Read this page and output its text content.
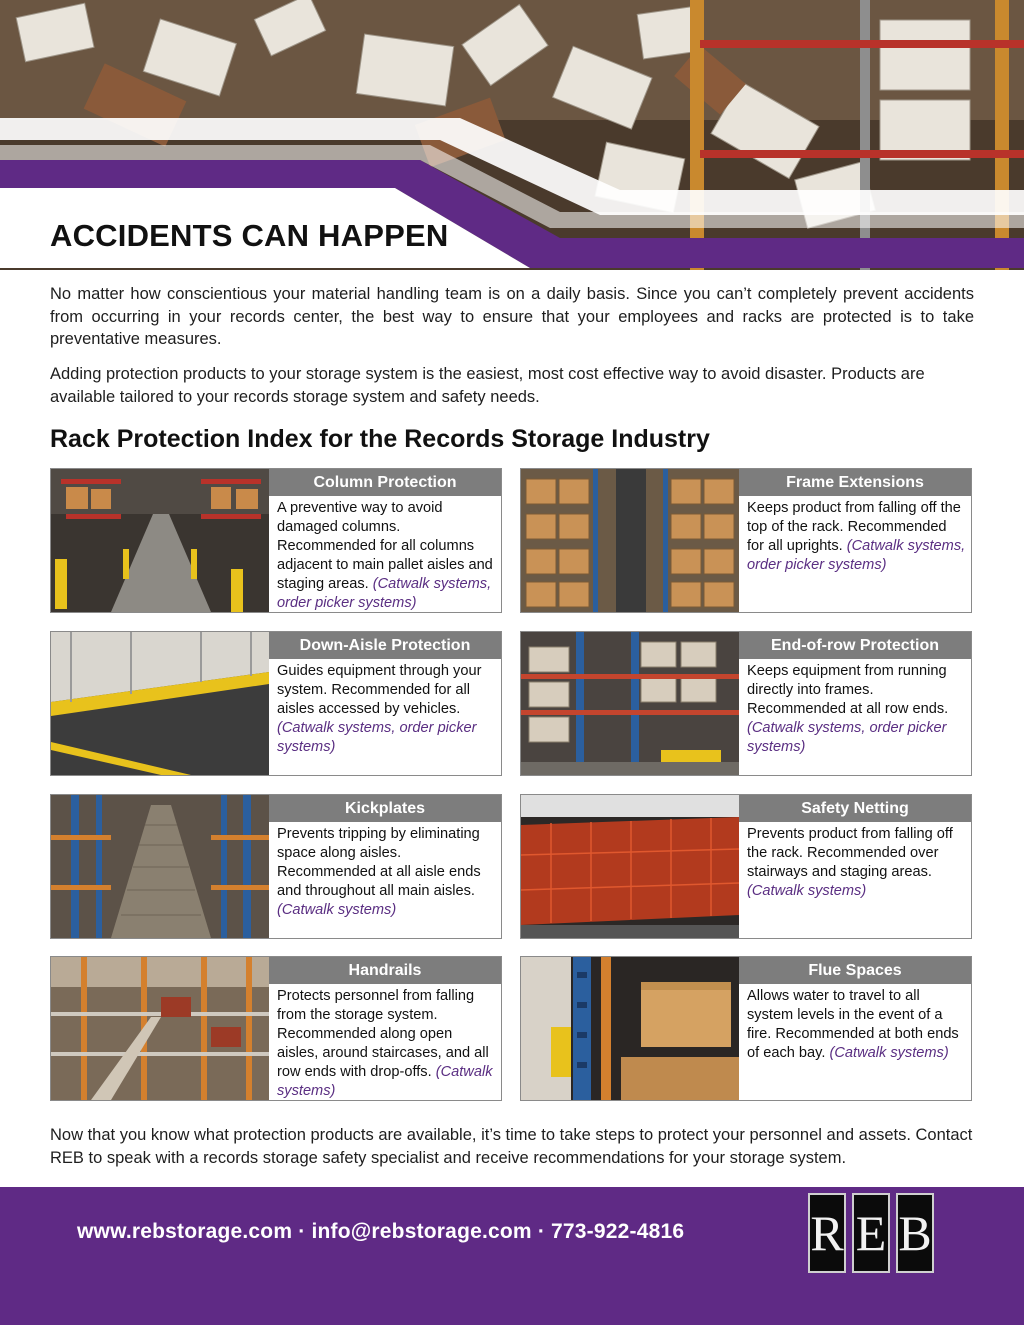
ACCIDENTS CAN HAPPEN

No matter how conscientious your material handling team is on a daily basis. Since you can’t completely prevent accidents from occurring in your records center, the best way to ensure that your employees and racks are protected is to take preventative measures.

Adding protection products to your storage system is the easiest, most cost effective way to avoid disaster. Products are available tailored to your records storage system and safety needs.

Rack Protection Index for the Records Storage Industry
Column Protection
A preventive way to avoid damaged columns. Recommended for all columns adjacent to main pallet aisles and staging areas. (Catwalk systems, order picker systems)
Frame Extensions
Keeps product from falling off the top of the rack. Recommended for all uprights. (Catwalk systems, order picker systems)
Down-Aisle Protection
Guides equipment through your system. Recommended for all aisles accessed by vehicles. (Catwalk systems, order picker systems)
End-of-row Protection
Keeps equipment from running directly into frames. Recommended at all row ends. (Catwalk systems, order picker systems)
Kickplates
Prevents tripping by eliminating space along aisles. Recommended at all aisle ends and throughout all main aisles. (Catwalk systems)
Safety Netting
Prevents product from falling off the rack. Recommended over stairways and staging areas. (Catwalk systems)
Handrails
Protects personnel from falling from the storage system. Recommended along open aisles, around staircases, and all row ends with drop-offs. (Catwalk systems)
Flue Spaces
Allows water to travel to all system levels in the event of a fire. Recommended at both ends of each bay. (Catwalk systems)

Now that you know what protection products are available, it’s time to take steps to protect your personnel and assets. Contact REB to speak with a records storage safety specialist and receive recommendations for your storage system.

www.rebstorage.com · info@rebstorage.com · 773-922-4816	R E B
